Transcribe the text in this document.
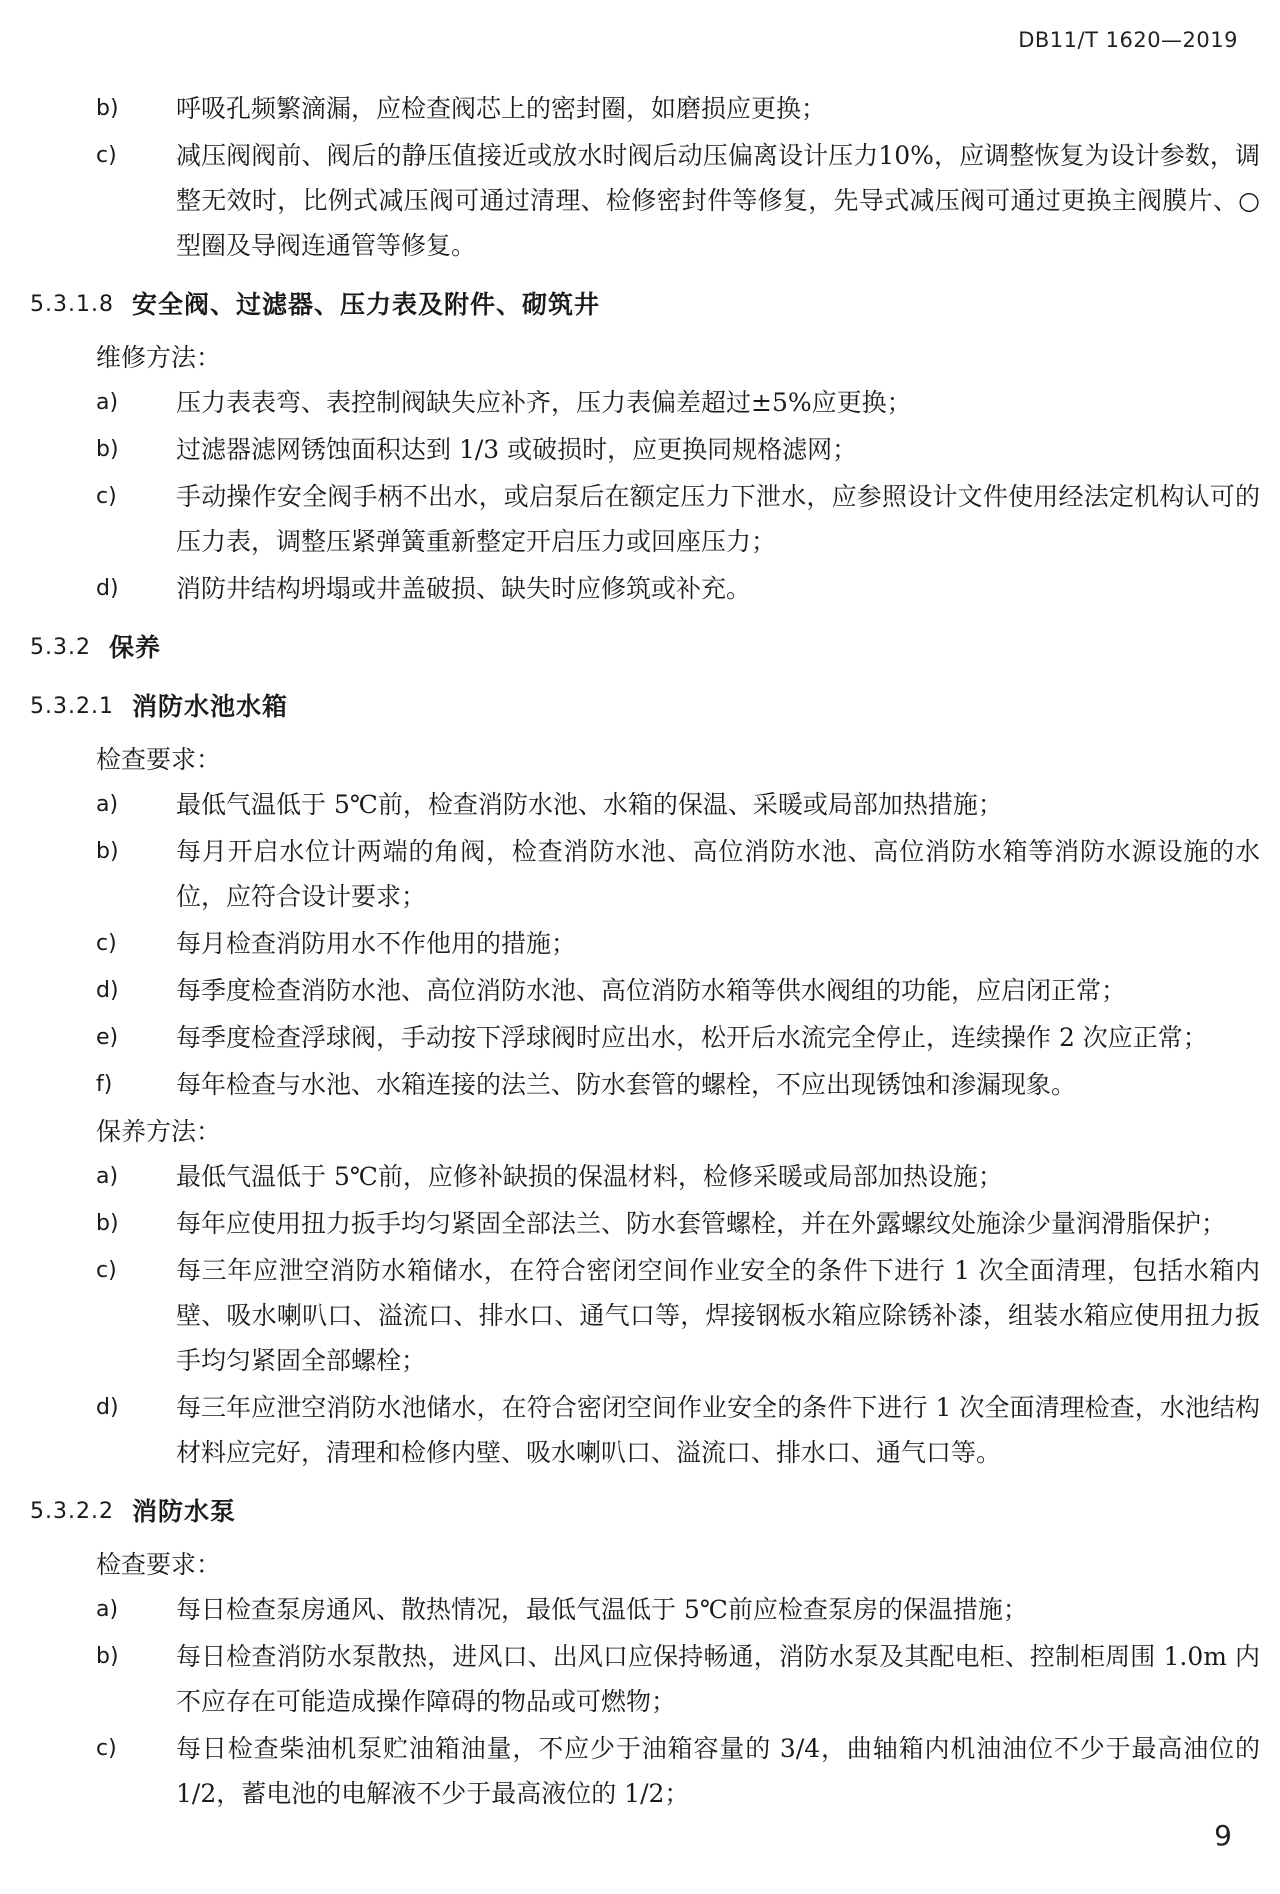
DB11/T 1620—2019
b)	呼吸孔频繁滴漏，应检查阀芯上的密封圈，如磨损应更换；
c)	减压阀阀前、阀后的静压值接近或放水时阀后动压偏离设计压力10%，应调整恢复为设计参数，调整无效时，比例式减压阀可通过清理、检修密封件等修复，先导式减压阀可通过更换主阀膜片、○型圈及导阀连通管等修复。
5.3.1.8 安全阀、过滤器、压力表及附件、砌筑井

维修方法：

a)	压力表表弯、表控制阀缺失应补齐，压力表偏差超过±5%应更换；
b)	过滤器滤网锈蚀面积达到 1/3 或破损时，应更换同规格滤网；
c)	手动操作安全阀手柄不出水，或启泵后在额定压力下泄水，应参照设计文件使用经法定机构认可的压力表，调整压紧弹簧重新整定开启压力或回座压力；
d)	消防井结构坍塌或井盖破损、缺失时应修筑或补充。
5.3.2 保养
5.3.2.1 消防水池水箱

检查要求：

a)	最低气温低于 5℃前，检查消防水池、水箱的保温、采暖或局部加热措施；
b)	每月开启水位计两端的角阀，检查消防水池、高位消防水池、高位消防水箱等消防水源设施的水位，应符合设计要求；
c)	每月检查消防用水不作他用的措施；
d)	每季度检查消防水池、高位消防水池、高位消防水箱等供水阀组的功能，应启闭正常；
e)	每季度检查浮球阀，手动按下浮球阀时应出水，松开后水流完全停止，连续操作 2 次应正常；
f)	每年检查与水池、水箱连接的法兰、防水套管的螺栓，不应出现锈蚀和渗漏现象。

保养方法：

a)	最低气温低于 5℃前，应修补缺损的保温材料，检修采暖或局部加热设施；
b)	每年应使用扭力扳手均匀紧固全部法兰、防水套管螺栓，并在外露螺纹处施涂少量润滑脂保护；
c)	每三年应泄空消防水箱储水，在符合密闭空间作业安全的条件下进行 1 次全面清理，包括水箱内壁、吸水喇叭口、溢流口、排水口、通气口等，焊接钢板水箱应除锈补漆，组装水箱应使用扭力扳手均匀紧固全部螺栓；
d)	每三年应泄空消防水池储水，在符合密闭空间作业安全的条件下进行 1 次全面清理检查，水池结构材料应完好，清理和检修内壁、吸水喇叭口、溢流口、排水口、通气口等。
5.3.2.2 消防水泵

检查要求：

a)	每日检查泵房通风、散热情况，最低气温低于 5℃前应检查泵房的保温措施；
b)	每日检查消防水泵散热，进风口、出风口应保持畅通，消防水泵及其配电柜、控制柜周围 1.0m 内不应存在可能造成操作障碍的物品或可燃物；
c)	每日检查柴油机泵贮油箱油量，不应少于油箱容量的 3/4，曲轴箱内机油油位不少于最高油位的 1/2，蓄电池的电解液不少于最高液位的 1/2；
9
